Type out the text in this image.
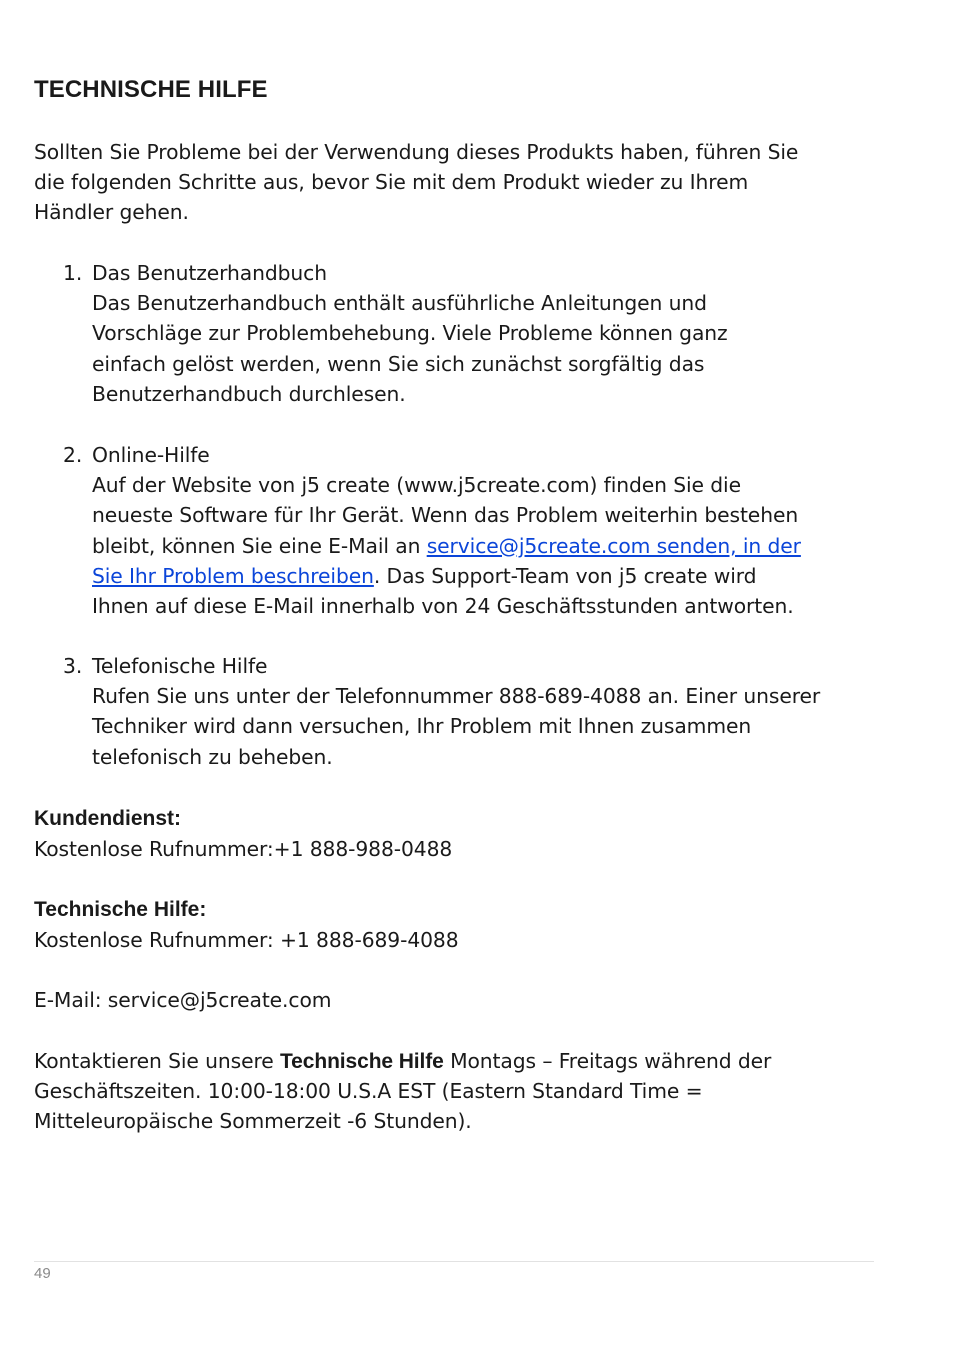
TECHNISCHE HILFE
Sollten Sie Probleme bei der Verwendung dieses Produkts haben, führen Sie
die folgenden Schritte aus, bevor Sie mit dem Produkt wieder zu Ihrem
Händler gehen.
1. Das Benutzerhandbuch
Das Benutzerhandbuch enthält ausführliche Anleitungen und
Vorschläge zur Problembehebung. Viele Probleme können ganz
einfach gelöst werden, wenn Sie sich zunächst sorgfältig das
Benutzerhandbuch durchlesen.
2. Online-Hilfe
Auf der Website von j5 create (www.j5create.com) finden Sie die
neueste Software für Ihr Gerät. Wenn das Problem weiterhin bestehen
bleibt, können Sie eine E-Mail an service@j5create.com senden, in der
Sie Ihr Problem beschreiben. Das Support-Team von j5 create wird
Ihnen auf diese E-Mail innerhalb von 24 Geschäftsstunden antworten.
3. Telefonische Hilfe
Rufen Sie uns unter der Telefonnummer 888-689-4088 an. Einer unserer
Techniker wird dann versuchen, Ihr Problem mit Ihnen zusammen
telefonisch zu beheben.
Kundendienst:
Kostenlose Rufnummer:+1 888-988-0488
Technische Hilfe:
Kostenlose Rufnummer: +1 888-689-4088
E-Mail: service@j5create.com
Kontaktieren Sie unsere Technische Hilfe Montags – Freitags während der
Geschäftszeiten. 10:00-18:00 U.S.A EST (Eastern Standard Time =
Mitteleuropäische Sommerzeit -6 Stunden).
49
